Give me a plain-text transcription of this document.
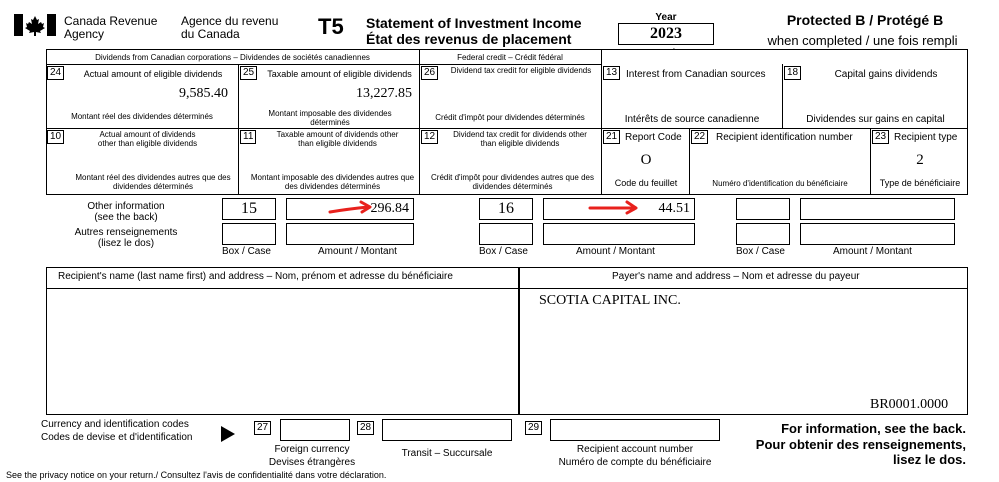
Canada Revenue
Agency
Agence du revenu
du Canada	T5 Statement of Investment Income
État des revenus de placement
Year
2023
Protected B / Protégé B
when completed / une fois rempli
Dividends from Canadian corporations – Dividendes de sociétés canadiennes	Federal credit – Crédit fédéral
24	Actual amount of eligible dividends
9,585.40
Montant réel des dividendes déterminés
25	Taxable amount of eligible dividends
13,227.85
Montant imposable des dividendes déterminés
26	Dividend tax credit for eligible dividends
Crédit d'impôt pour dividendes déterminés
13 Interest from Canadian sources
Intérêts de source canadienne
18	Capital gains dividends
Dividendes sur gains en capital
10	Actual amount of dividends other than eligible dividends
Montant réel des dividendes autres que des dividendes déterminés
11	Taxable amount of dividends other than eligible dividends
Montant imposable des dividendes autres que des dividendes déterminés
12	Dividend tax credit for dividends other than eligible dividends
Crédit d'impôt pour dividendes autres que des dividendes déterminés
21 Report Code
O
Code du feuillet
22	Recipient identification number
Numéro d'identification du bénéficiaire
23 Recipient type
2
Type de bénéficiaire
Other information
(see the back)
Autres renseignements
(lisez le dos)
15	296.84
Box / Case	Amount / Montant
16	44.51
Box / Case	Amount / Montant	Box / Case	Amount / Montant
Recipient's name (last name first) and address – Nom, prénom et adresse du bénéficiaire	Payer's name and address – Nom et adresse du payeur
SCOTIA CAPITAL INC.
BR0001.0000
Currency and identification codes
Codes de devise et d'identification
27
Foreign currency
Devises étrangères
28
Transit – Succursale
29
Recipient account number
Numéro de compte du bénéficiaire
For information, see the back.
Pour obtenir des renseignements,
lisez le dos.
See the privacy notice on your return./ Consultez l'avis de confidentialité dans votre déclaration.
